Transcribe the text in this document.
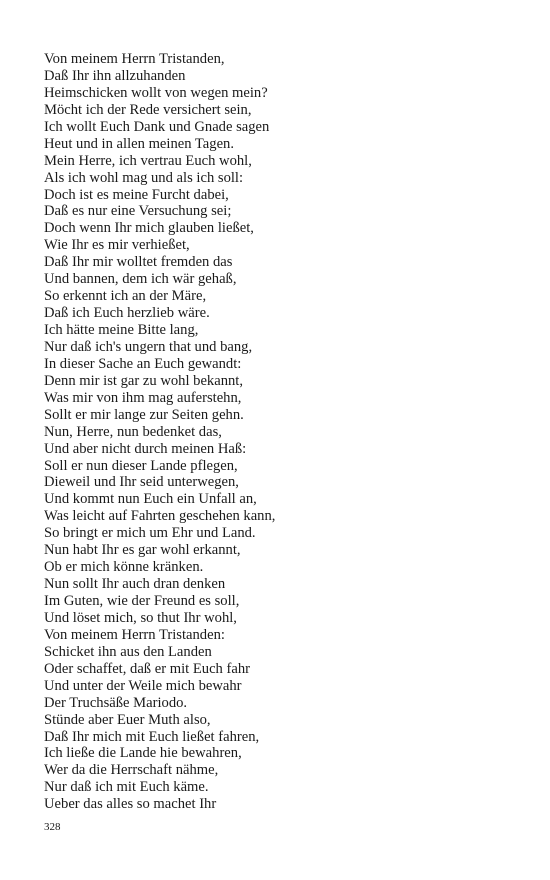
Von meinem Herrn Tristanden,
Daß Ihr ihn allzuhanden
Heimschicken wollt von wegen mein?
Möcht ich der Rede versichert sein,
Ich wollt Euch Dank und Gnade sagen
Heut und in allen meinen Tagen.
Mein Herre, ich vertrau Euch wohl,
Als ich wohl mag und als ich soll:
Doch ist es meine Furcht dabei,
Daß es nur eine Versuchung sei;
Doch wenn Ihr mich glauben ließet,
Wie Ihr es mir verhießet,
Daß Ihr mir wolltet fremden das
Und bannen, dem ich wär gehaß,
So erkennt ich an der Märe,
Daß ich Euch herzlieb wäre.
Ich hätte meine Bitte lang,
Nur daß ich's ungern that und bang,
In dieser Sache an Euch gewandt:
Denn mir ist gar zu wohl bekannt,
Was mir von ihm mag auferstehn,
Sollt er mir lange zur Seiten gehn.
Nun, Herre, nun bedenket das,
Und aber nicht durch meinen Haß:
Soll er nun dieser Lande pflegen,
Dieweil und Ihr seid unterwegen,
Und kommt nun Euch ein Unfall an,
Was leicht auf Fahrten geschehen kann,
So bringt er mich um Ehr und Land.
Nun habt Ihr es gar wohl erkannt,
Ob er mich könne kränken.
Nun sollt Ihr auch dran denken
Im Guten, wie der Freund es soll,
Und löset mich, so thut Ihr wohl,
Von meinem Herrn Tristanden:
Schicket ihn aus den Landen
Oder schaffet, daß er mit Euch fahr
Und unter der Weile mich bewahr
Der Truchsäße Mariodo.
Stünde aber Euer Muth also,
Daß Ihr mich mit Euch ließet fahren,
Ich ließe die Lande hie bewahren,
Wer da die Herrschaft nähme,
Nur daß ich mit Euch käme.
Ueber das alles so machet Ihr
328
